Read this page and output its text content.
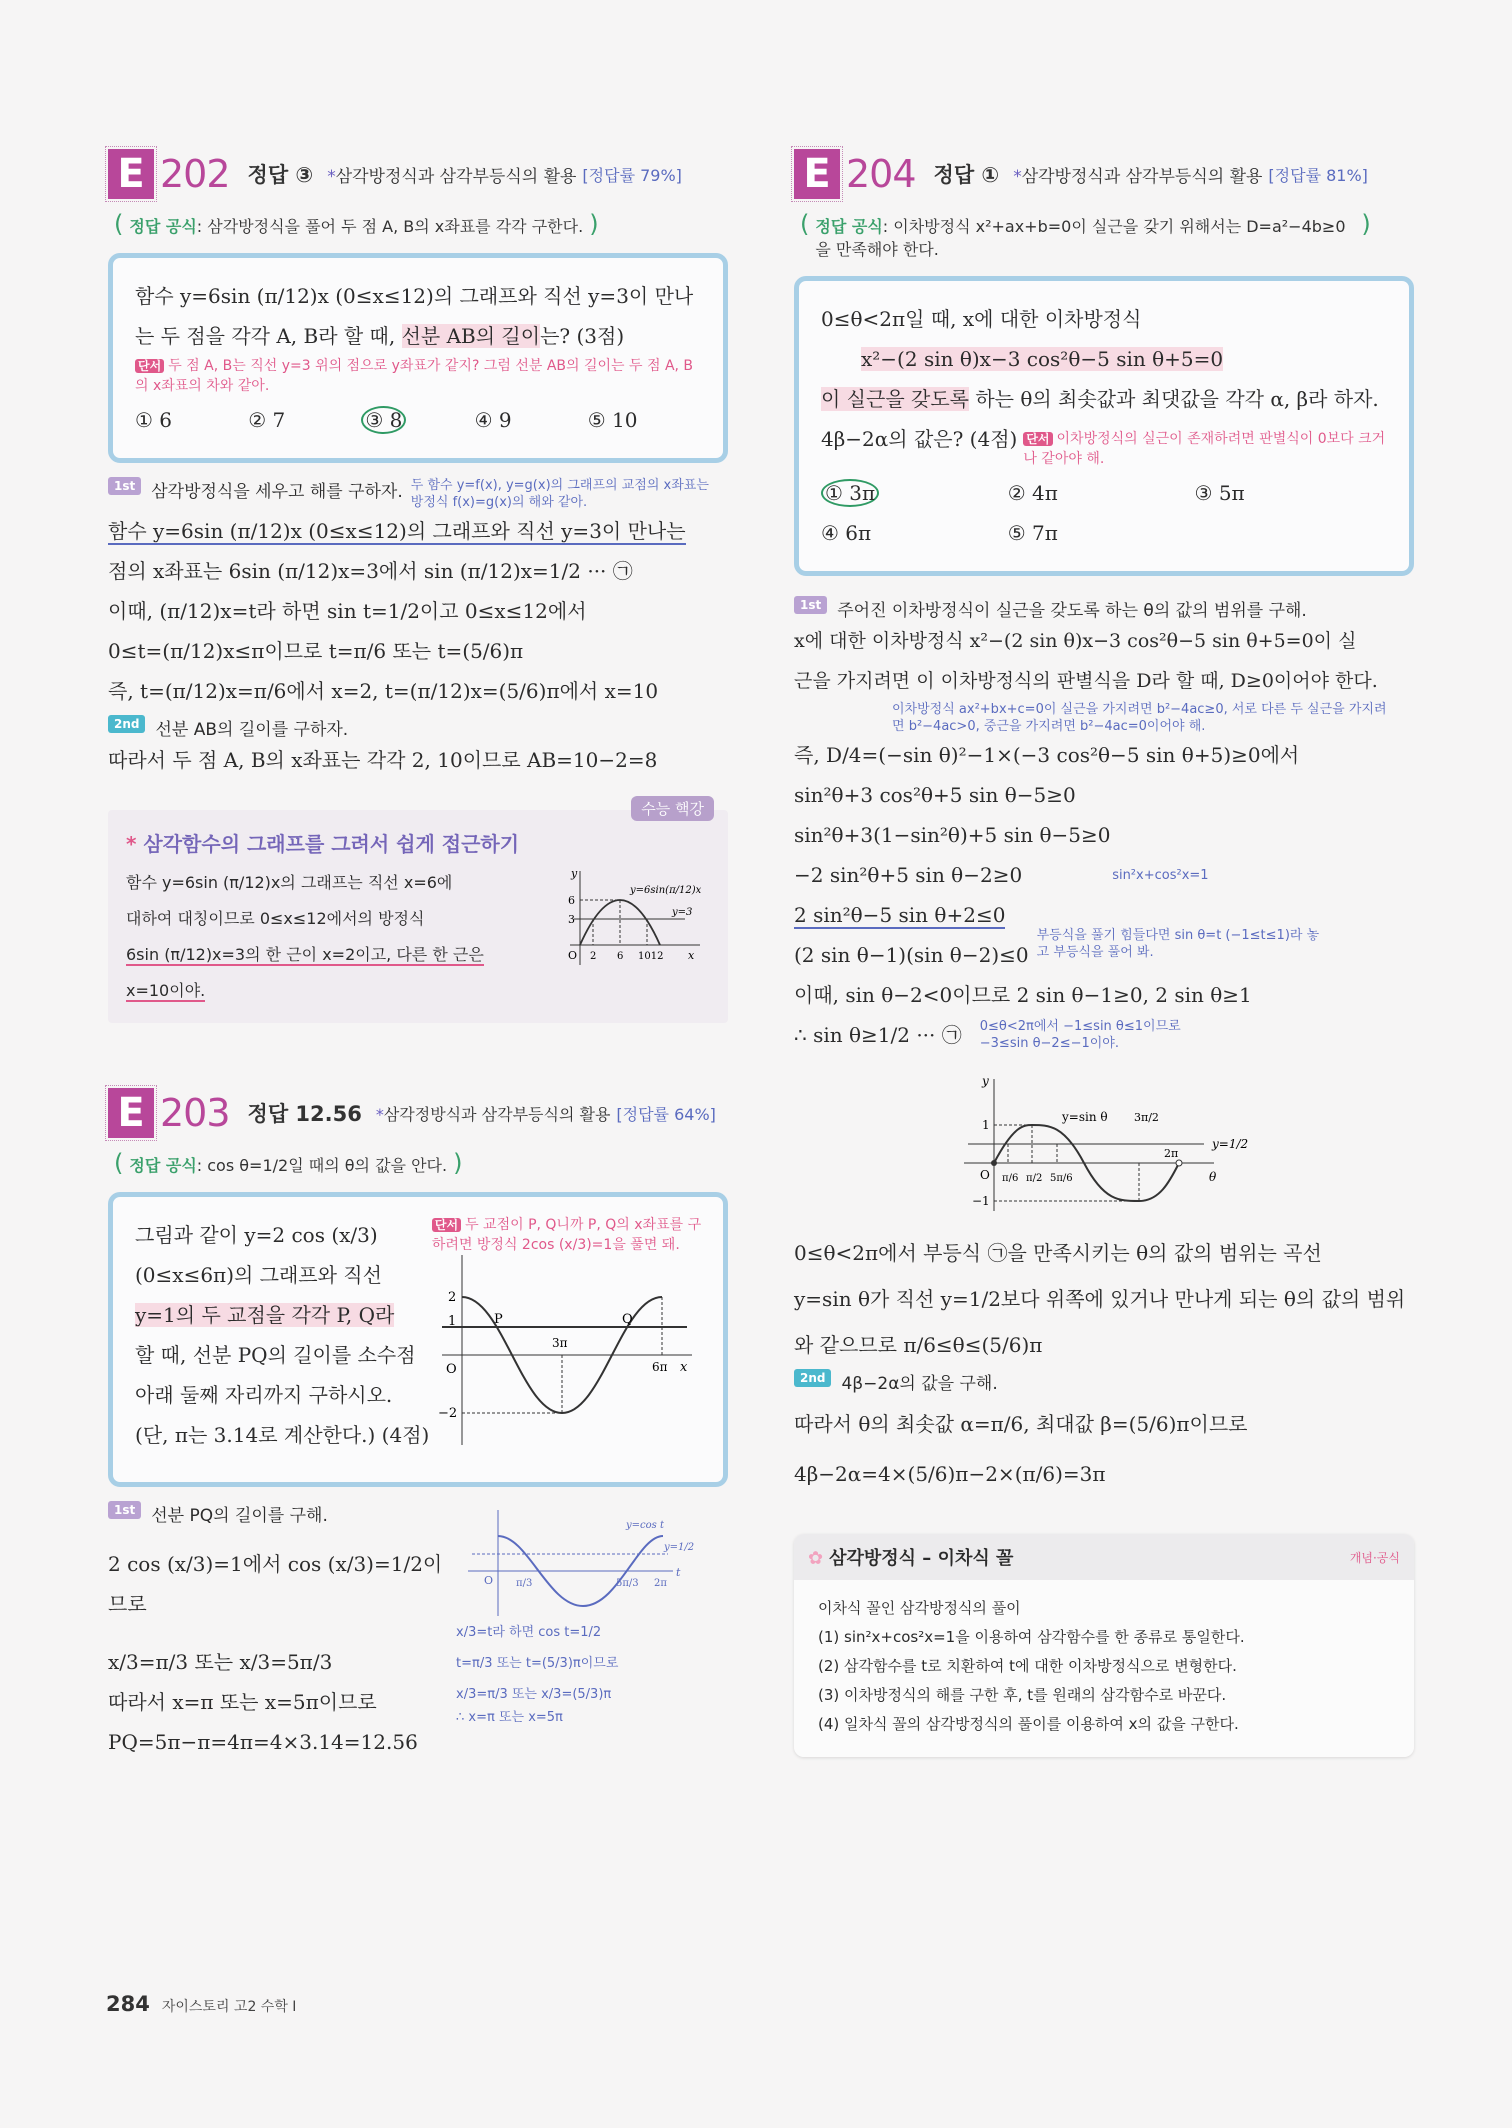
E 202 정답 ③ *삼각방정식과 삼각부등식의 활용 [정답률 79%]
( 정답 공식 : 삼각방정식을 풀어 두 점 A, B의 x좌표를 각각 구한다. )
함수 y=6sin (π/12)x (0≤x≤12)의 그래프와 직선 y=3이 만나
는 두 점을 각각 A, B라 할 때, 선분 AB의 길이는? (3점)
단서 두 점 A, B는 직선 y=3 위의 점으로 y좌표가 같지? 그럼 선분 AB의 길이는 두 점 A, B의 x좌표의 차와 같아.
① 6	② 7	③ 8	④ 9	⑤ 10
1st 삼각방정식을 세우고 해를 구하자. 두 함수 y=f(x), y=g(x)의 그래프의 교점의 x좌표는 방정식 f(x)=g(x)의 해와 같아.
함수 y=6sin (π/12)x (0≤x≤12)의 그래프와 직선 y=3이 만나는
점의 x좌표는 6sin (π/12)x=3에서 sin (π/12)x=1/2 ··· ㉠
이때, (π/12)x=t라 하면 sin t=1/2이고 0≤x≤12에서
0≤t=(π/12)x≤π이므로 t=π/6 또는 t=(5/6)π
즉, t=(π/12)x=π/6에서 x=2, t=(π/12)x=(5/6)π에서 x=10
2nd 선분 AB의 길이를 구하자.
따라서 두 점 A, B의 x좌표는 각각 2, 10이므로 AB=10−2=8
수능 핵강
* 삼각함수의 그래프를 그려서 쉽게 접근하기
함수 y=6sin (π/12)x의 그래프는 직선 x=6에
대하여 대칭이므로 0≤x≤12에서의 방정식
6sin (π/12)x=3의 한 근이 x=2이고, 다른 한 근은
x=10이야.
6
3
O 2 6 1012 x
y
y=6sin(π/12)x
y=3
E 203 정답 12.56 *삼각정방식과 삼각부등식의 활용 [정답률 64%]
( 정답 공식 : cos θ=1/2일 때의 θ의 값을 안다. )
그림과 같이 y=2 cos (x/3)
(0≤x≤6π)의 그래프와 직선
y=1의 두 교점을 각각 P, Q라
할 때, 선분 PQ의 길이를 소수점
아래 둘째 자리까지 구하시오.
(단, π는 3.14로 계산한다.) (4점)
단서 두 교점이 P, Q니까 P, Q의 x좌표를 구하려면 방정식 2cos (x/3)=1을 풀면 돼.
2
1
−2
O
3π
6π x
P	Q
1st 선분 PQ의 길이를 구해.
2 cos (x/3)=1에서 cos (x/3)=1/2이므로
x/3=π/3 또는 x/3=5π/3
따라서 x=π 또는 x=5π이므로
PQ=5π−π=4π=4×3.14=12.56
O π/3	5π/3 2π
t
y=cos t
y=1/2
x/3=t라 하면 cos t=1/2
t=π/3 또는 t=(5/3)π이므로
x/3=π/3 또는 x/3=(5/3)π
∴ x=π 또는 x=5π
E 204 정답 ① *삼각방정식과 삼각부등식의 활용 [정답률 81%]
( 정답 공식: 이차방정식 x²+ax+b=0이 실근을 갖기 위해서는 D=a²−4b≥0을 만족해야 한다.
)
0≤θ<2π일 때, x에 대한 이차방정식
x²−(2 sin θ)x−3 cos²θ−5 sin θ+5=0
이 실근을 갖도록 하는 θ의 최솟값과 최댓값을 각각 α, β라 하자.
4β−2α의 값은? (4점) 단서 이차방정식의 실근이 존재하려면 판별식이 0보다 크거나 같아야 해.
① 3π	② 4π	③ 5π
④ 6π	⑤ 7π
1st 주어진 이차방정식이 실근을 갖도록 하는 θ의 값의 범위를 구해.
x에 대한 이차방정식 x²−(2 sin θ)x−3 cos²θ−5 sin θ+5=0이 실
근을 가지려면 이 이차방정식의 판별식을 D라 할 때, D≥0이어야 한다.
이차방정식 ax²+bx+c=0이 실근을 가지려면 b²−4ac≥0, 서로 다른 두 실근을 가지려면 b²−4ac>0, 중근을 가지려면 b²−4ac=0이어야 해.
즉, D/4=(−sin θ)²−1×(−3 cos²θ−5 sin θ+5)≥0에서
sin²θ+3 cos²θ+5 sin θ−5≥0
sin²θ+3(1−sin²θ)+5 sin θ−5≥0
−2 sin²θ+5 sin θ−2≥0	sin²x+cos²x=1
2 sin²θ−5 sin θ+2≤0
(2 sin θ−1)(sin θ−2)≤0
부등식을 풀기 힘들다면 sin θ=t (−1≤t≤1)라 놓고 부등식을 풀어 봐.
이때, sin θ−2<0이므로 2 sin θ−1≥0, 2 sin θ≥1
∴ sin θ≥1/2 ··· ㉠ 0≤θ<2π에서 −1≤sin θ≤1이므로
−3≤sin θ−2≤−1이야.
y
1
−1
O π/6 π/2 5π/6
2π
θ
y=sin θ 3π/2
y=1/2
0≤θ<2π에서 부등식 ㉠을 만족시키는 θ의 값의 범위는 곡선
y=sin θ가 직선 y=1/2보다 위쪽에 있거나 만나게 되는 θ의 값의 범위
와 같으므로 π/6≤θ≤(5/6)π
2nd 4β−2α의 값을 구해.
따라서 θ의 최솟값 α=π/6, 최대값 β=(5/6)π이므로
4β−2α=4×(5/6)π−2×(π/6)=3π
✿ 삼각방정식 – 이차식 꼴	개념·공식
이차식 꼴인 삼각방정식의 풀이
(1) sin²x+cos²x=1을 이용하여 삼각함수를 한 종류로 통일한다.
(2) 삼각함수를 t로 치환하여 t에 대한 이차방정식으로 변형한다.
(3) 이차방정식의 해를 구한 후, t를 원래의 삼각함수로 바꾼다.
(4) 일차식 꼴의 삼각방정식의 풀이를 이용하여 x의 값을 구한다.
284 자이스토리 고2 수학 I
